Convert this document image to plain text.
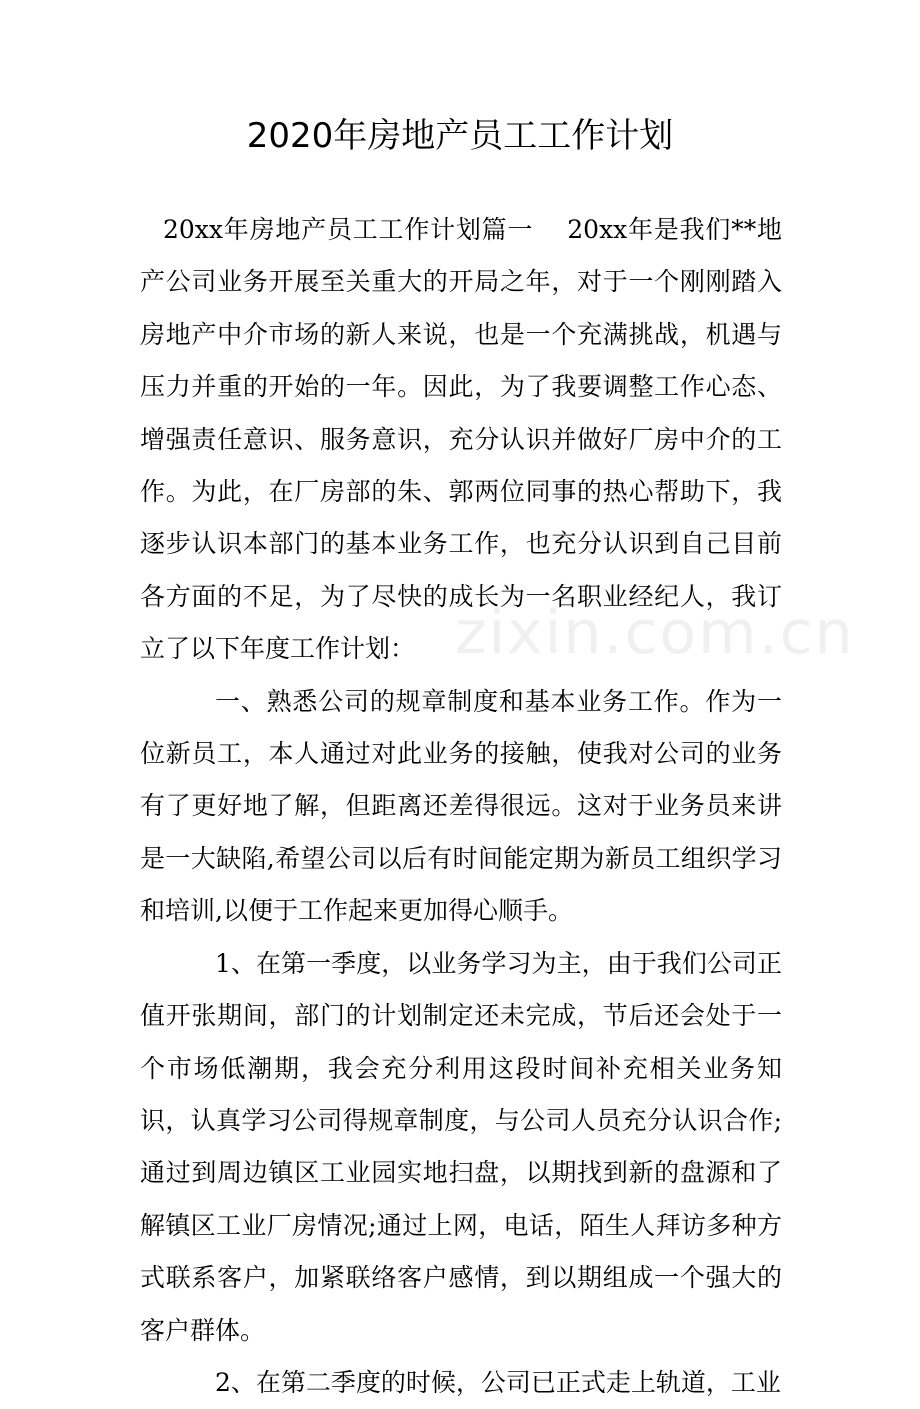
2020年房地产员工工作计划

20xx年房地产员工工作计划篇一 20xx年是我们**地产公司业务开展至关重大的开局之年，对于一个刚刚踏入房地产中介市场的新人来说，也是一个充满挑战，机遇与压力并重的开始的一年。因此，为了我要调整工作心态、增强责任意识、服务意识，充分认识并做好厂房中介的工作。为此，在厂房部的朱、郭两位同事的热心帮助下，我逐步认识本部门的基本业务工作，也充分认识到自己目前各方面的不足，为了尽快的成长为一名职业经纪人，我订立了以下年度工作计划：

一、熟悉公司的规章制度和基本业务工作。作为一位新员工，本人通过对此业务的接触，使我对公司的业务有了更好地了解，但距离还差得很远。这对于业务员来讲是一大缺陷,希望公司以后有时间能定期为新员工组织学习和培训,以便于工作起来更加得心顺手。

1、在第一季度，以业务学习为主，由于我们公司正值开张期间，部门的计划制定还未完成，节后还会处于一个市场低潮期，我会充分利用这段时间补充相关业务知识，认真学习公司得规章制度，与公司人员充分认识合作;通过到周边镇区工业园实地扫盘，以期找到新的盘源和了解镇区工业厂房情况;通过上网，电话，陌生人拜访多种方式联系客户，加紧联络客户感情，到以期组成一个强大的客户群体。

2、在第二季度的时候，公司已正式走上轨道，工业

zixin.com.cn
